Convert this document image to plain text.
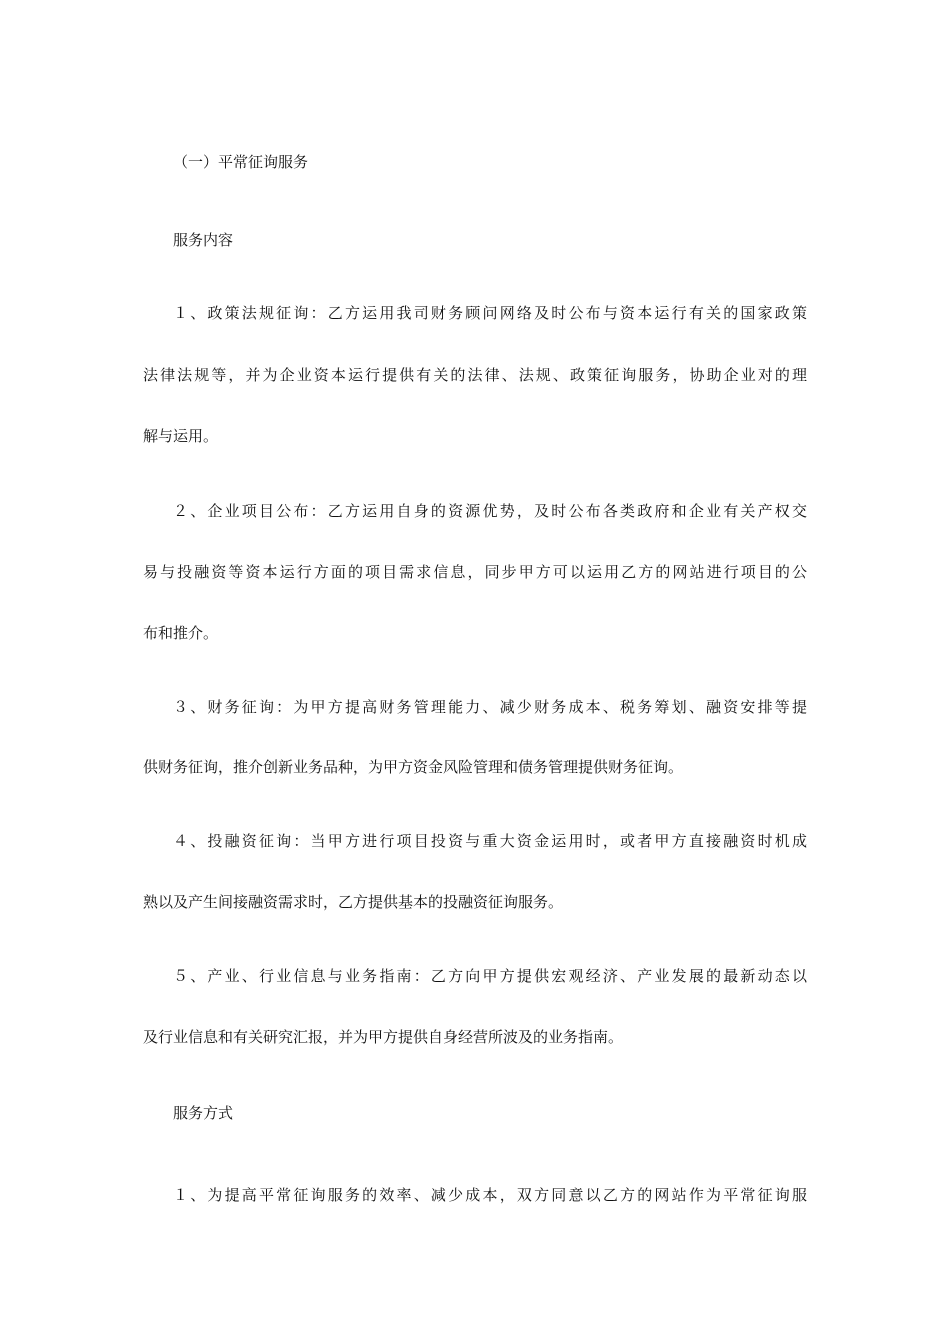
（一）平常征询服务

服务内容

１、政策法规征询：乙方运用我司财务顾问网络及时公布与资本运行有关的国家政策

法律法规等，并为企业资本运行提供有关的法律、法规、政策征询服务，协助企业对的理

解与运用。

２、企业项目公布：乙方运用自身的资源优势，及时公布各类政府和企业有关产权交

易与投融资等资本运行方面的项目需求信息，同步甲方可以运用乙方的网站进行项目的公

布和推介。

３、财务征询：为甲方提高财务管理能力、减少财务成本、税务筹划、融资安排等提

供财务征询，推介创新业务品种，为甲方资金风险管理和债务管理提供财务征询。

４、投融资征询：当甲方进行项目投资与重大资金运用时，或者甲方直接融资时机成

熟以及产生间接融资需求时，乙方提供基本的投融资征询服务。

５、产业、行业信息与业务指南：乙方向甲方提供宏观经济、产业发展的最新动态以

及行业信息和有关研究汇报，并为甲方提供自身经营所波及的业务指南。

服务方式

１、为提高平常征询服务的效率、减少成本，双方同意以乙方的网站作为平常征询服
